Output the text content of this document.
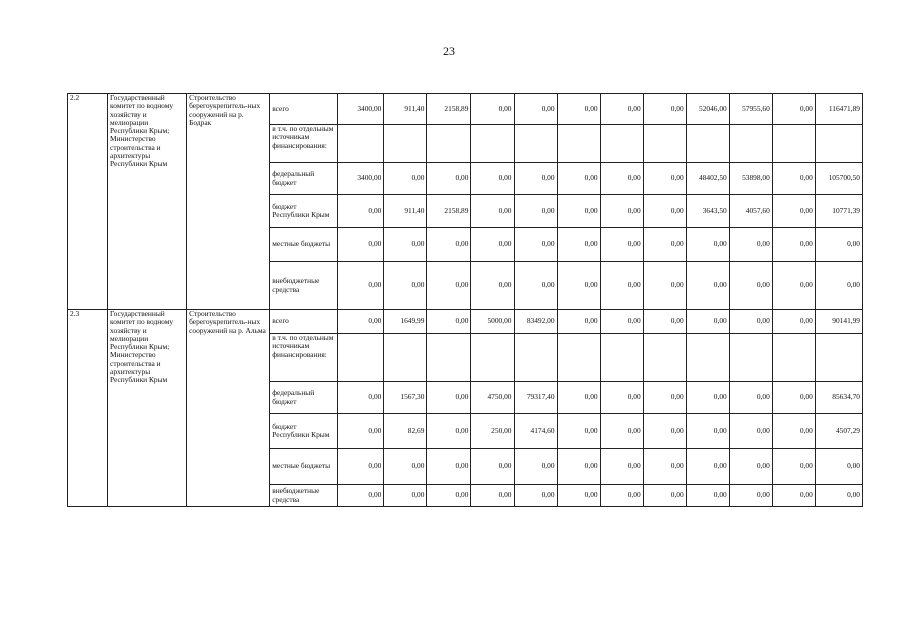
23
2.2	Государственный комитет по водному хозяйству и мелиорации Республики Крым; Министерство строительства и архитектуры Республики Крым	Строительство берегоукрепитель-ных сооружений на р. Бодрак	всего	3400,00	911,40	2158,89	0,00	0,00	0,00	0,00	0,00	52046,00	57955,60	0,00	116471,89
			в т.ч. по отдельным источникам финансирования:												
			федеральный бюджет	3400,00	0,00	0,00	0,00	0,00	0,00	0,00	0,00	48402,50	53898,00	0,00	105700,50
			бюджет Республики Крым	0,00	911,40	2158,89	0,00	0,00	0,00	0,00	0,00	3643,50	4057,60	0,00	10771,39
			местные бюджеты	0,00	0,00	0,00	0,00	0,00	0,00	0,00	0,00	0,00	0,00	0,00	0,00
			внебюджетные средства	0,00	0,00	0,00	0,00	0,00	0,00	0,00	0,00	0,00	0,00	0,00	0,00
2.3	Государственный комитет по водному хозяйству и мелиорации Республики Крым; Министерство строительства и архитектуры Республики Крым	Строительство берегоукрепитель-ных сооружений на р. Альма	всего	0,00	1649,99	0,00	5000,00	83492,00	0,00	0,00	0,00	0,00	0,00	0,00	90141,99
			в т.ч. по отдельным источникам финансирования:												
			федеральный бюджет	0,00	1567,30	0,00	4750,00	79317,40	0,00	0,00	0,00	0,00	0,00	0,00	85634,70
			бюджет Республики Крым	0,00	82,69	0,00	250,00	4174,60	0,00	0,00	0,00	0,00	0,00	0,00	4507,29
			местные бюджеты	0,00	0,00	0,00	0,00	0,00	0,00	0,00	0,00	0,00	0,00	0,00	0,00
			внебюджетные средства	0,00	0,00	0,00	0,00	0,00	0,00	0,00	0,00	0,00	0,00	0,00	0,00
